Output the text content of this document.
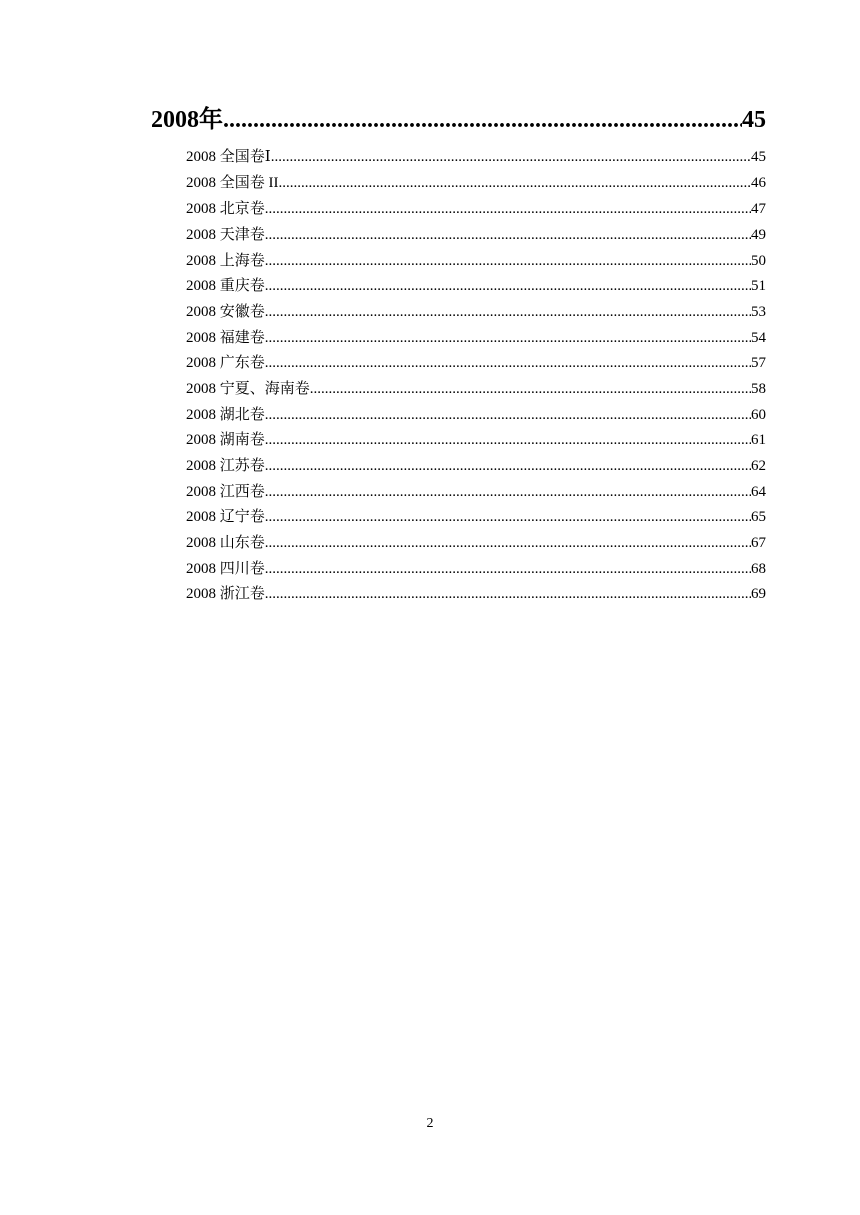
2008年 .....	45
2008 全国卷Ⅰ .....	45
2008 全国卷 II .....	46
2008 北京卷 .....	47
2008 天津卷 .....	49
2008 上海卷 .....	50
2008 重庆卷 .....	51
2008 安徽卷 .....	53
2008 福建卷 .....	54
2008 广东卷 .....	57
2008 宁夏、海南卷 .....	58
2008 湖北卷 .....	60
2008 湖南卷 .....	61
2008 江苏卷 .....	62
2008 江西卷 .....	64
2008 辽宁卷 .....	65
2008 山东卷 .....	67
2008 四川卷 .....	68
2008 浙江卷 .....	69
2
